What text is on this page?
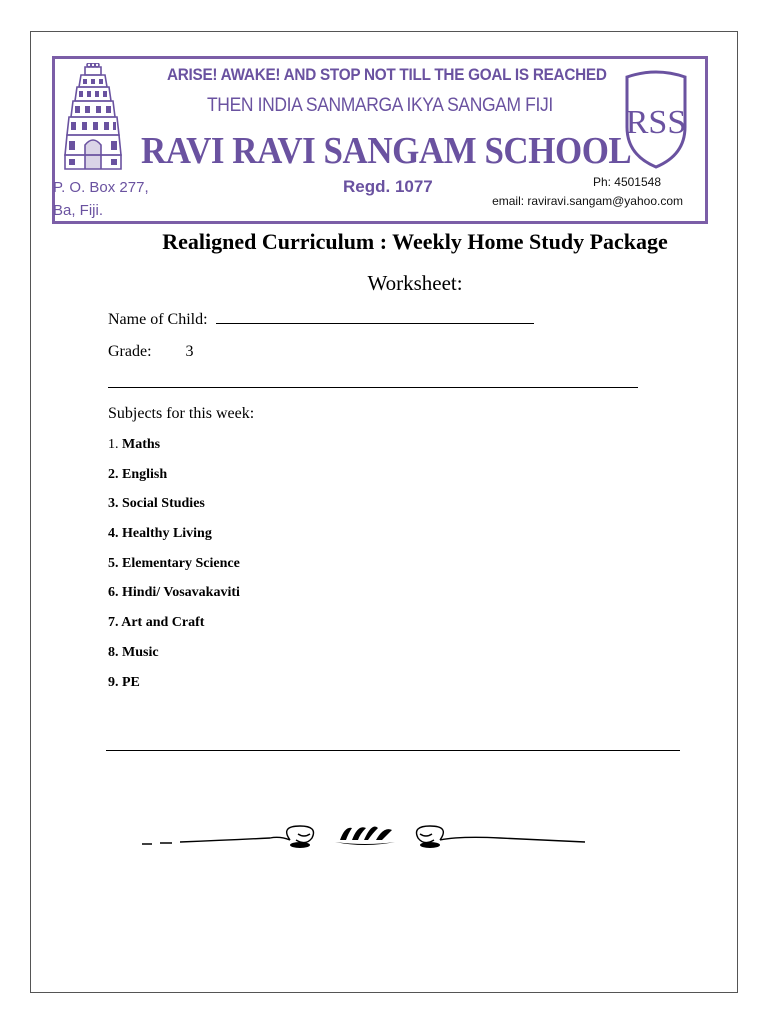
ARISE! AWAKE! AND STOP NOT TILL THE GOAL IS REACHED
THEN INDIA SANMARGA IKYA SANGAM FIJI
RAVI RAVI SANGAM SCHOOL
RSS
P. O. Box 277,
Ba, Fiji.
Regd. 1077	Ph: 4501548
email: raviravi.sangam@yahoo.com
Realigned Curriculum : Weekly Home Study Package
Worksheet:
Name of Child:
Grade: 3
Subjects for this week:
1. Maths
2. English
3. Social Studies
4. Healthy Living
5. Elementary Science
6. Hindi/ Vosavakaviti
7. Art and Craft
8. Music
9. PE
